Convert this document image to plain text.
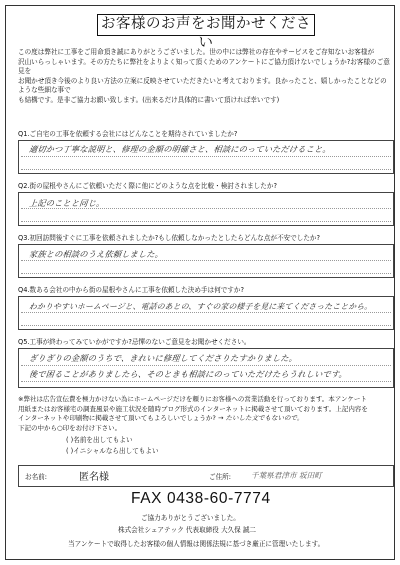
お客様のお声をお聞かせください
この度は弊社に工事をご用命頂き誠にありがとうございました。世の中には弊社の存在やサービスをご存知ないお客様が
沢山いらっしゃいます。その方たちに弊社をよりよく知って頂くためのアンケートにご協力頂けないでしょうか?お客様のご意見を
お聞かせ頂き今後のより良い方法の立案に反映させていただきたいと考えております。良かったこと、嬉しかったことなどのような些細な事で
も結構です。是非ご協力お願い致します。(出来るだけ具体的に書いて頂ければ幸いです)
Q1.ご自宅の工事を依頼する会社にはどんなことを期待されていましたか?
適切かつ丁寧な説明と、修理の金額の明確さと、相談にのっていただけること。
Q2.街の屋根やさんにご依頼いただく際に他にどのような点を比較・検討されましたか?
上記のことと同じ。
Q3.初回訪問後すぐに工事を依頼されましたか?もし依頼しなかったとしたらどんな点が不安でしたか?
家族との相談のうえ依頼しました。
Q4.数ある会社の中から街の屋根やさんに工事を依頼した決め手は何ですか?
わかりやすいホームページと、電話のあとの、すぐの家の様子を見に来てくださったことから。
Q5.工事が終わってみていかがですか?忌憚のないご意見をお聞かせください。
ぎりぎりの金額のうちで、きれいに修理してくださりたすかりました。
後で困ることがありましたら、そのときも相談にのっていただけたらうれしいです。
※弊社は広告宣伝費を極力かけない為にホームページだけを頼りにお客様への営業活動を行っております。本アンケート
用紙またはお客様宅の調査風景や施工状況を随時ブログ形式のインターネットに掲載させて頂いております。上記内容を
インターネットや印刷物に掲載させて頂いてもよろしいでしょうか? → たいした文でもないので。
下記の中から○印をお付け下さい。
( )名前を出してもよい
( )イニシャルなら出してもよい
お名前:	匿名様	ご住所:	千葉県君津市 坂田町
FAX 0438-60-7774
ご協力ありがとうございました。
株式会社シェアテック 代表取締役 大久保 誠二
当アンケートで取得したお客様の個人情報は関係法規に基づき厳正に管理いたします。
